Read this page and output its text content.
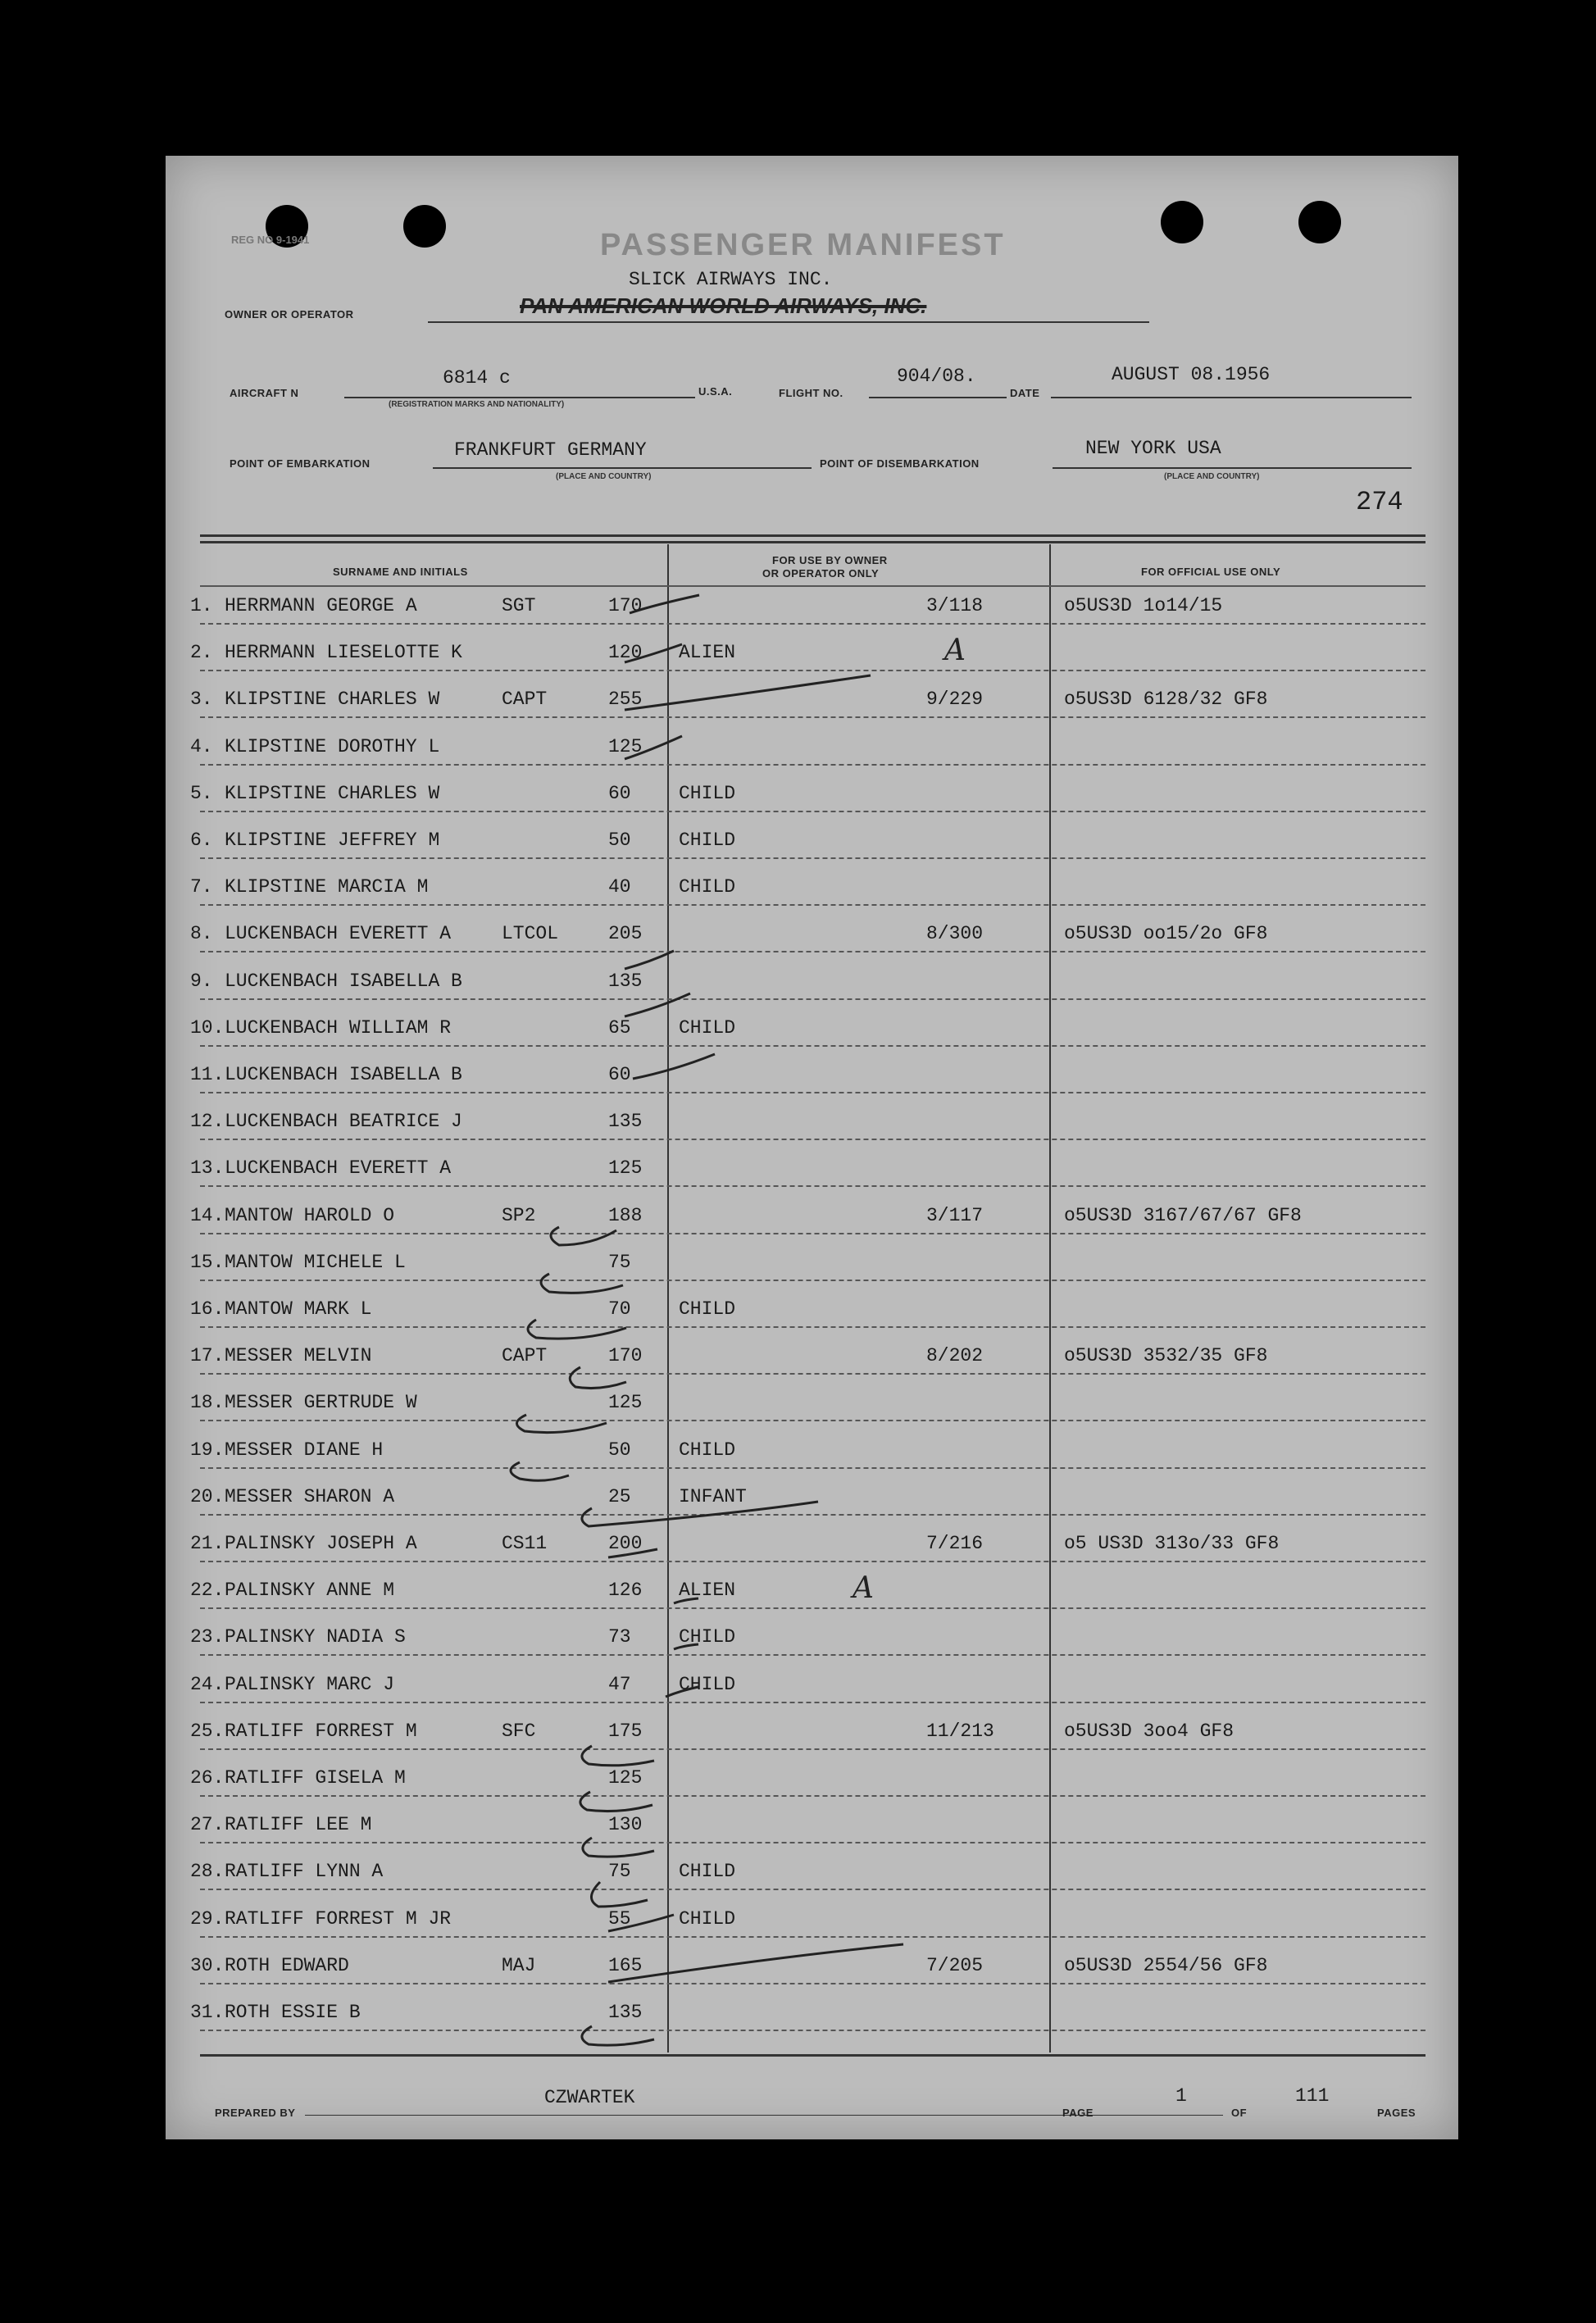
REG NO 9-1941	PASSENGER MANIFEST
SLICK AIRWAYS INC.
OWNER OR OPERATOR	PAN AMERICAN WORLD AIRWAYS, INC.
AIRCRAFT N
6814 c
(REGISTRATION MARKS AND NATIONALITY)
U.S.A.	FLIGHT NO.
904/08.
DATE
AUGUST 08.1956
POINT OF EMBARKATION
FRANKFURT GERMANY
(PLACE AND COUNTRY)
POINT OF DISEMBARKATION
NEW YORK USA
(PLACE AND COUNTRY)
274
SURNAME AND INITIALS
FOR USE BY OWNER
OR OPERATOR ONLY	FOR OFFICIAL USE ONLY
1. HERRMANN GEORGE A	SGT	170	3/118	o5US3D 1o14/15
2. HERRMANN LIESELOTTE K	120 ALIEN	A
3. KLIPSTINE CHARLES W	CAPT	255	9/229	o5US3D 6128/32 GF8
4. KLIPSTINE DOROTHY L	125
5. KLIPSTINE CHARLES W	60	CHILD
6. KLIPSTINE JEFFREY M	50	CHILD
7. KLIPSTINE MARCIA M	40	CHILD
8. LUCKENBACH EVERETT A	LTCOL	205	8/300	o5US3D oo15/2o GF8
9. LUCKENBACH ISABELLA B	135
10. LUCKENBACH WILLIAM R	65	CHILD
11. LUCKENBACH ISABELLA B	60
12. LUCKENBACH BEATRICE J	135
13. LUCKENBACH EVERETT A	125
14. MANTOW HAROLD O	SP2	188	3/117	o5US3D 3167/67/67 GF8
15. MANTOW MICHELE L	75
16. MANTOW MARK L	70	CHILD
17. MESSER MELVIN	CAPT	170	8/202	o5US3D 3532/35 GF8
18. MESSER GERTRUDE W	125
19. MESSER DIANE H	50	CHILD
20. MESSER SHARON A	25	INFANT
21. PALINSKY JOSEPH A	CS11	200	7/216	o5 US3D 313o/33 GF8
22. PALINSKY ANNE M	126 ALIEN	A
23. PALINSKY NADIA S	73	CHILD
24. PALINSKY MARC J	47	CHILD
25. RATLIFF FORREST M	SFC	175	11/213	o5US3D 3oo4 GF8
26. RATLIFF GISELA M	125
27. RATLIFF LEE M	130
28. RATLIFF LYNN A	75	CHILD
29. RATLIFF FORREST M JR	55	CHILD
30. ROTH EDWARD	MAJ	165	7/205	o5US3D 2554/56 GF8
31. ROTH ESSIE B	135
PREPARED BY
CZWARTEK
PAGE
1
OF
111
PAGES
